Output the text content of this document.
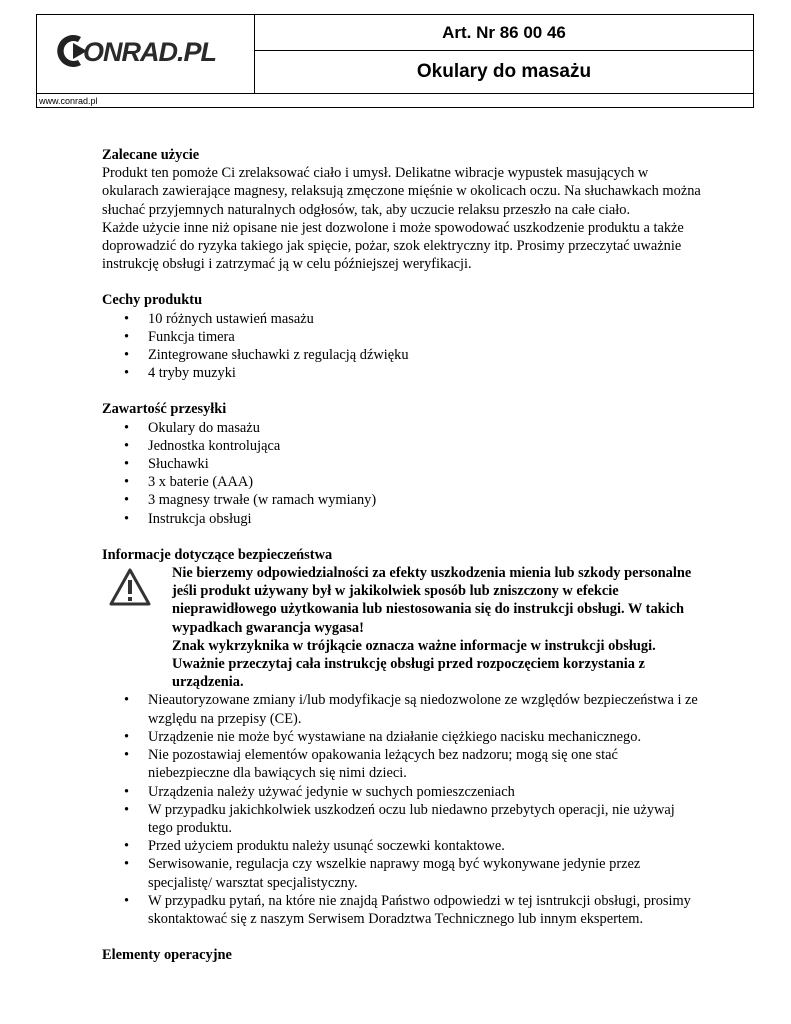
ONRAD.PL
Art. Nr 86 00 46
Okulary do masażu
www.conrad.pl

Zalecane użycie

Produkt ten pomoże Ci zrelaksować ciało i umysł. Delikatne wibracje wypustek masujących w okularach zawierające magnesy, relaksują zmęczone mięśnie w okolicach oczu. Na słuchawkach można słuchać przyjemnych naturalnych odgłosów, tak, aby uczucie relaksu przeszło na całe ciało.

Każde użycie inne niż opisane nie jest dozwolone i może spowodować uszkodzenie produktu a także doprowadzić do ryzyka takiego jak spięcie, pożar, szok elektryczny itp. Prosimy przeczytać uważnie instrukcję obsługi i zatrzymać ją w celu późniejszej weryfikacji.

Cechy produktu

• 10 różnych ustawień masażu
• Funkcja timera
• Zintegrowane słuchawki z regulacją dźwięku
• 4 tryby muzyki

Zawartość przesyłki

• Okulary do masażu
• Jednostka kontrolująca
• Słuchawki
• 3 x baterie (AAA)
• 3 magnesy trwałe (w ramach wymiany)
• Instrukcja obsługi

Informacje dotyczące bezpieczeństwa

Nie bierzemy odpowiedzialności za efekty uszkodzenia mienia lub szkody personalne jeśli produkt używany był w jakikolwiek sposób lub zniszczony w efekcie nieprawidłowego użytkowania lub niestosowania się do instrukcji obsługi. W takich wypadkach gwarancja wygasa!

Znak wykrzyknika w trójkącie oznacza ważne informacje w instrukcji obsługi. Uważnie przeczytaj cała instrukcję obsługi przed rozpoczęciem korzystania z urządzenia.

• Nieautoryzowane zmiany i/lub modyfikacje są niedozwolone ze względów bezpieczeństwa i ze względu na przepisy (CE).
• Urządzenie nie może być wystawiane na działanie ciężkiego nacisku mechanicznego.
• Nie pozostawiaj elementów opakowania leżących bez nadzoru; mogą się one stać niebezpieczne dla bawiących się nimi dzieci.
• Urządzenia należy używać jedynie w suchych pomieszczeniach
• W przypadku jakichkolwiek uszkodzeń oczu lub niedawno przebytych operacji, nie używaj tego produktu.
• Przed użyciem produktu należy usunąć soczewki kontaktowe.
• Serwisowanie, regulacja czy wszelkie naprawy mogą być wykonywane jedynie przez specjalistę/ warsztat specjalistyczny.
• W przypadku pytań, na które nie znajdą Państwo odpowiedzi w tej isntrukcji obsługi, prosimy skontaktować się z naszym Serwisem Doradztwa Technicznego lub innym ekspertem.

Elementy operacyjne
